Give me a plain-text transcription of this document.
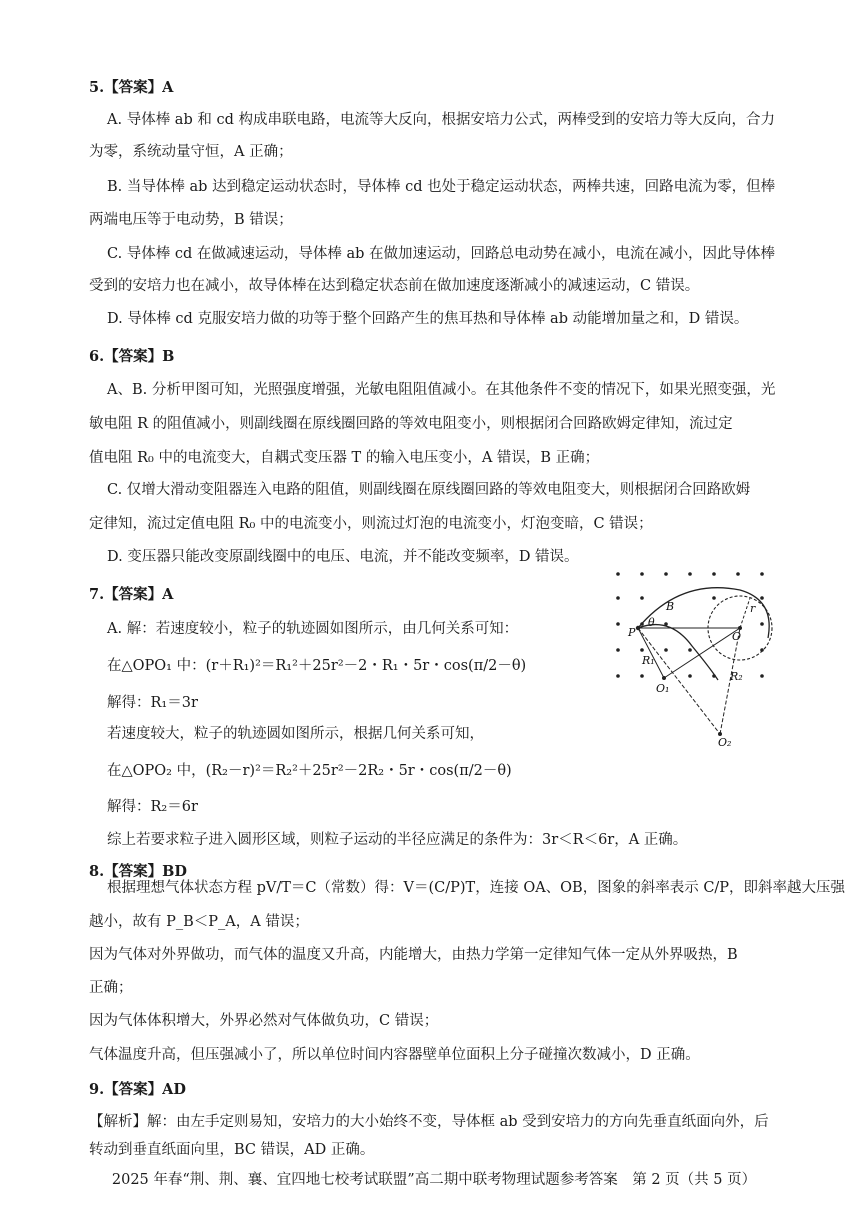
5.【答案】A
A. 导体棒 ab 和 cd 构成串联电路，电流等大反向，根据安培力公式，两棒受到的安培力等大反向，合力
为零，系统动量守恒，A 正确；
B. 当导体棒 ab 达到稳定运动状态时，导体棒 cd 也处于稳定运动状态，两棒共速，回路电流为零，但棒
两端电压等于电动势，B 错误；
C. 导体棒 cd 在做减速运动，导体棒 ab 在做加速运动，回路总电动势在减小，电流在减小，因此导体棒
受到的安培力也在减小，故导体棒在达到稳定状态前在做加速度逐渐减小的减速运动，C 错误。
D. 导体棒 cd 克服安培力做的功等于整个回路产生的焦耳热和导体棒 ab 动能增加量之和，D 错误。
6.【答案】B
A、B. 分析甲图可知，光照强度增强，光敏电阻阻值减小。在其他条件不变的情况下，如果光照变强，光
敏电阻 R 的阻值减小，则副线圈在原线圈回路的等效电阻变小，则根据闭合回路欧姆定律知，流过定
值电阻 R₀ 中的电流变大，自耦式变压器 T 的输入电压变小，A 错误，B 正确；
C. 仅增大滑动变阻器连入电路的阻值，则副线圈在原线圈回路的等效电阻变大，则根据闭合回路欧姆
定律知，流过定值电阻 R₀ 中的电流变小，则流过灯泡的电流变小，灯泡变暗，C 错误；
D. 变压器只能改变原副线圈中的电压、电流，并不能改变频率，D 错误。
7.【答案】A
A. 解：若速度较小，粒子的轨迹圆如图所示，由几何关系可知：
在△OPO₁ 中：(r＋R₁)²＝R₁²＋25r²－2・R₁・5r・cos(π/2－θ)
解得：R₁＝3r
若速度较大，粒子的轨迹圆如图所示，根据几何关系可知，
在△OPO₂ 中，(R₂－r)²＝R₂²＋25r²－2R₂・5r・cos(π/2－θ)
解得：R₂＝6r
综上若要求粒子进入圆形区域，则粒子运动的半径应满足的条件为：3r＜R＜6r，A 正确。
B
θ
r
P	O
R₁
R₂
O₁
O₂
8.【答案】BD
根据理想气体状态方程 pV/T＝C（常数）得：V＝(C/P)T，连接 OA、OB，图象的斜率表示 C/P，即斜率越大压强
越小，故有 P_B＜P_A，A 错误；
因为气体对外界做功，而气体的温度又升高，内能增大，由热力学第一定律知气体一定从外界吸热，B
正确；
因为气体体积增大，外界必然对气体做负功，C 错误；
气体温度升高，但压强减小了，所以单位时间内容器壁单位面积上分子碰撞次数减小，D 正确。
9.【答案】AD
【解析】解：由左手定则易知，安培力的大小始终不变，导体框 ab 受到安培力的方向先垂直纸面向外，后
转动到垂直纸面向里，BC 错误，AD 正确。
2025 年春“荆、荆、襄、宜四地七校考试联盟”高二期中联考物理试题参考答案　第 2 页（共 5 页）
